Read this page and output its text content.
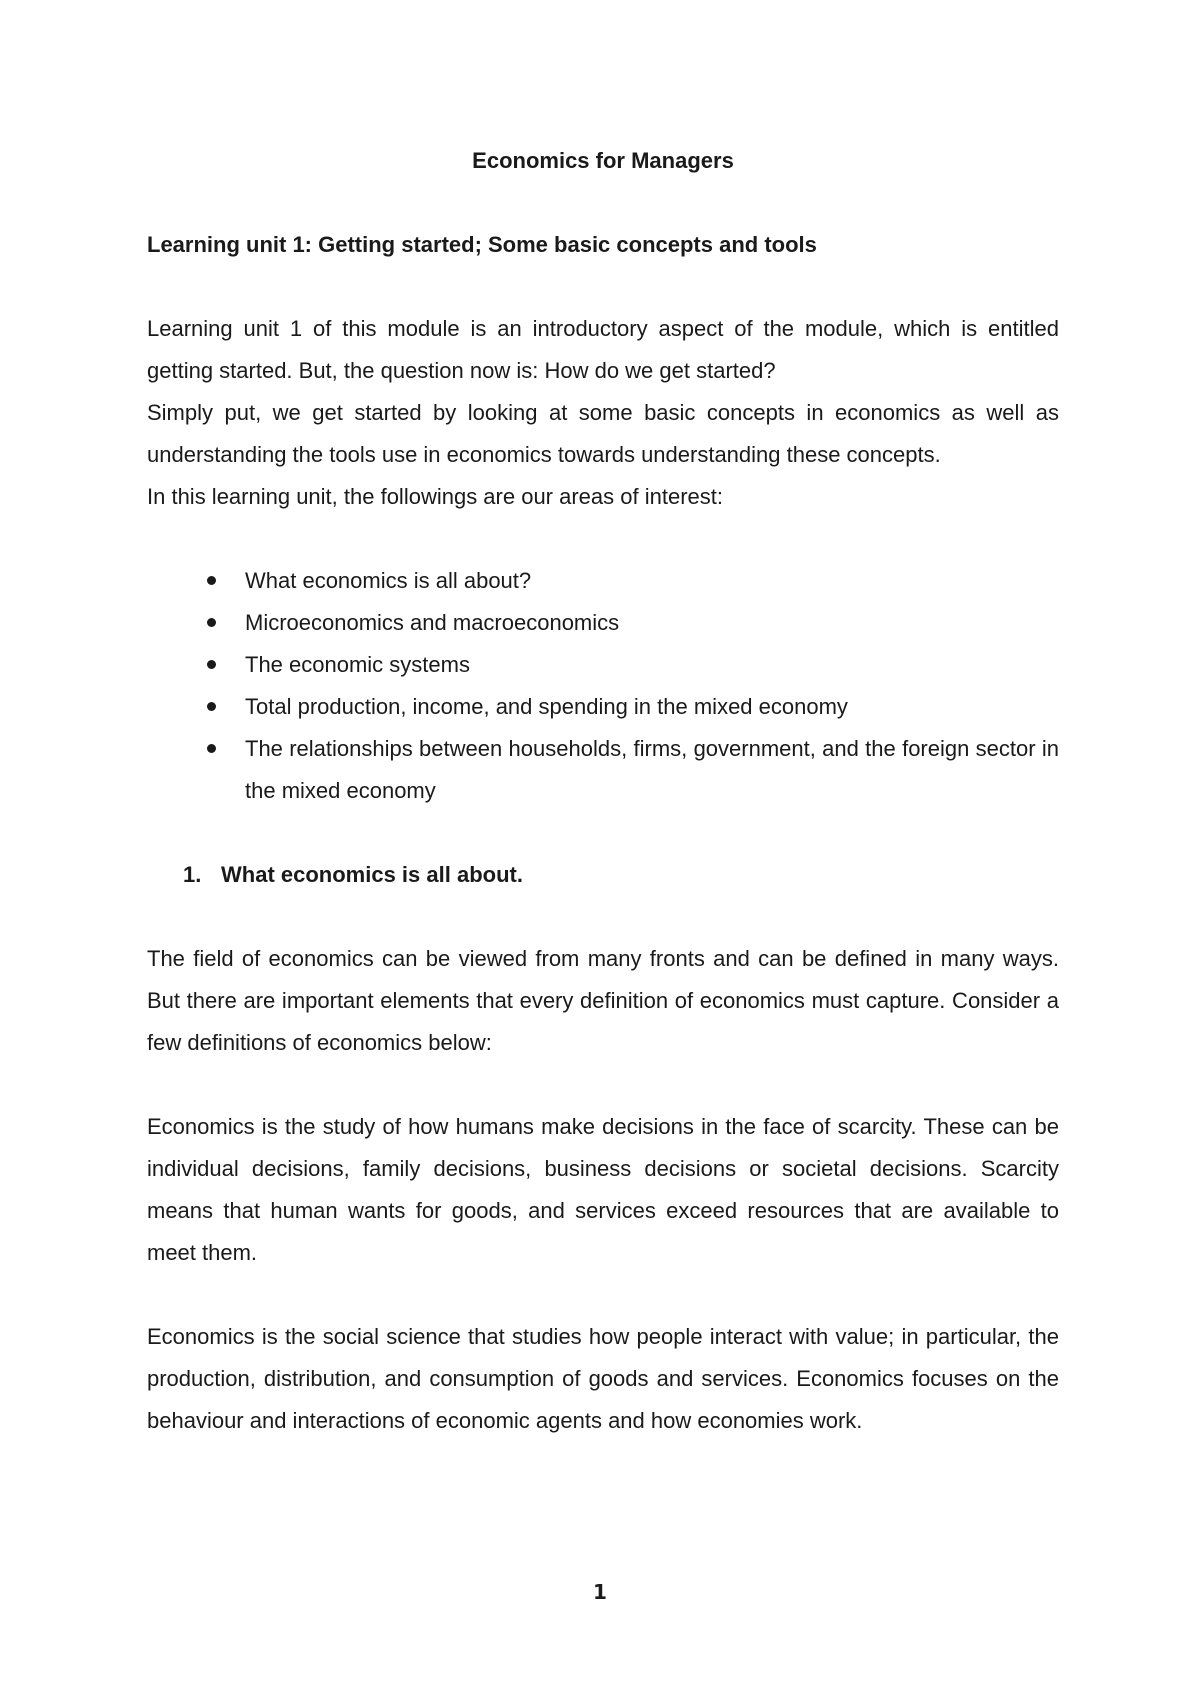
Economics for Managers
Learning unit 1: Getting started; Some basic concepts and tools

Learning unit 1 of this module is an introductory aspect of the module, which is entitled getting started. But, the question now is: How do we get started?

Simply put, we get started by looking at some basic concepts in economics as well as understanding the tools use in economics towards understanding these concepts.

In this learning unit, the followings are our areas of interest:

What economics is all about?
Microeconomics and macroeconomics
The economic systems
Total production, income, and spending in the mixed economy
The relationships between households, firms, government, and the foreign sector in the mixed economy
1. What economics is all about.

The field of economics can be viewed from many fronts and can be defined in many ways. But there are important elements that every definition of economics must capture. Consider a few definitions of economics below:

Economics is the study of how humans make decisions in the face of scarcity. These can be individual decisions, family decisions, business decisions or societal decisions. Scarcity means that human wants for goods, and services exceed resources that are available to meet them.

Economics is the social science that studies how people interact with value; in particular, the production, distribution, and consumption of goods and services. Economics focuses on the behaviour and interactions of economic agents and how economies work.

1
